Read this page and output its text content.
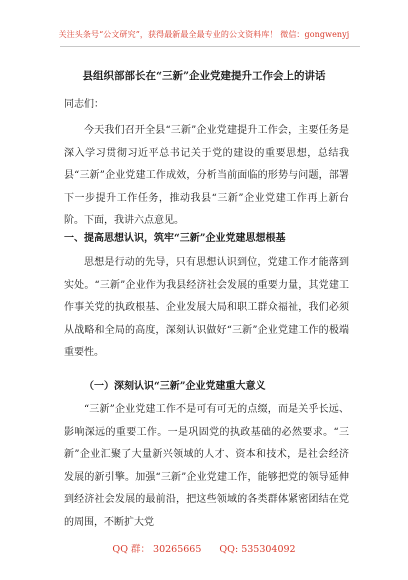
关注头条号“公文研究”，获得最新最全最专业的公文资料库！ 微信：gongwenyj
县组织部部长在“三新”企业党建提升工作会上的讲话
同志们：
今天我们召开全县“三新”企业党建提升工作会，主要任务是深入学习贯彻习近平总书记关于党的建设的重要思想，总结我县“三新”企业党建工作成效，分析当前面临的形势与问题，部署下一步提升工作任务，推动我县“三新”企业党建工作再上新台阶。下面，我讲六点意见。
一、提高思想认识，筑牢“三新”企业党建思想根基
思想是行动的先导，只有思想认识到位，党建工作才能落到实处。“三新”企业作为我县经济社会发展的重要力量，其党建工作事关党的执政根基、企业发展大局和职工群众福祉，我们必须从战略和全局的高度，深刻认识做好“三新”企业党建工作的极端重要性。
（一）深刻认识“三新”企业党建重大意义
“三新”企业党建工作不是可有可无的点缀，而是关乎长远、影响深远的重要工作。一是巩固党的执政基础的必然要求。“三新”企业汇聚了大量新兴领域的人才、资本和技术，是社会经济发展的新引擎。加强“三新”企业党建工作，能够把党的领导延伸到经济社会发展的最前沿，把这些领域的各类群体紧密团结在党的周围，不断扩大党
QQ 群： 30265665 QQ: 535304092
